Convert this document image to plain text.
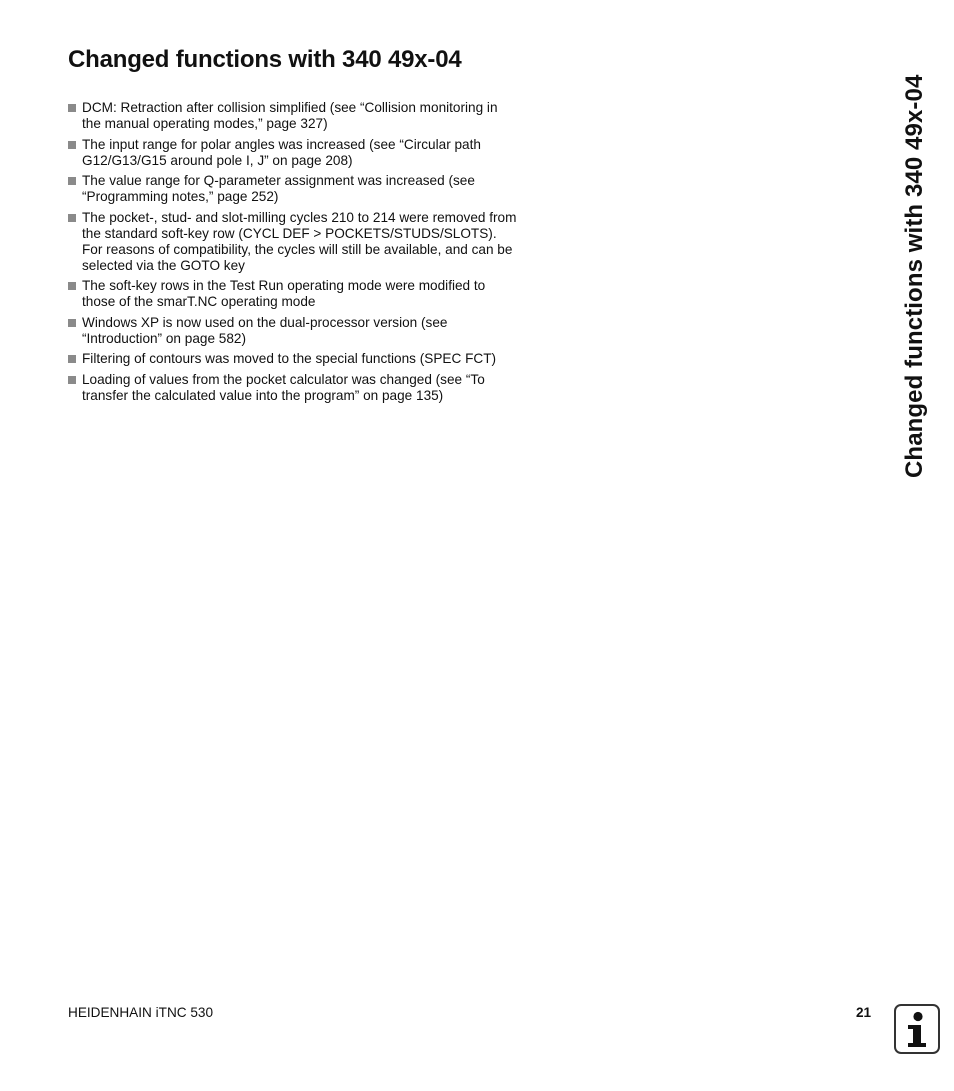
Changed functions with 340 49x-04
DCM: Retraction after collision simplified (see “Collision monitoring in the manual operating modes,” page 327)
The input range for polar angles was increased (see “Circular path G12/G13/G15 around pole I, J” on page 208)
The value range for Q-parameter assignment was increased (see “Programming notes,” page 252)
The pocket-, stud- and slot-milling cycles 210 to 214 were removed from the standard soft-key row (CYCL DEF > POCKETS/STUDS/SLOTS). For reasons of compatibility, the cycles will still be available, and can be selected via the GOTO key
The soft-key rows in the Test Run operating mode were modified to those of the smarT.NC operating mode
Windows XP is now used on the dual-processor version (see “Introduction” on page 582)
Filtering of contours was moved to the special functions (SPEC FCT)
Loading of values from the pocket calculator was changed (see “To transfer the calculated value into the program” on page 135)	Changed functions with 340 49x-04
HEIDENHAIN iTNC 530	21
